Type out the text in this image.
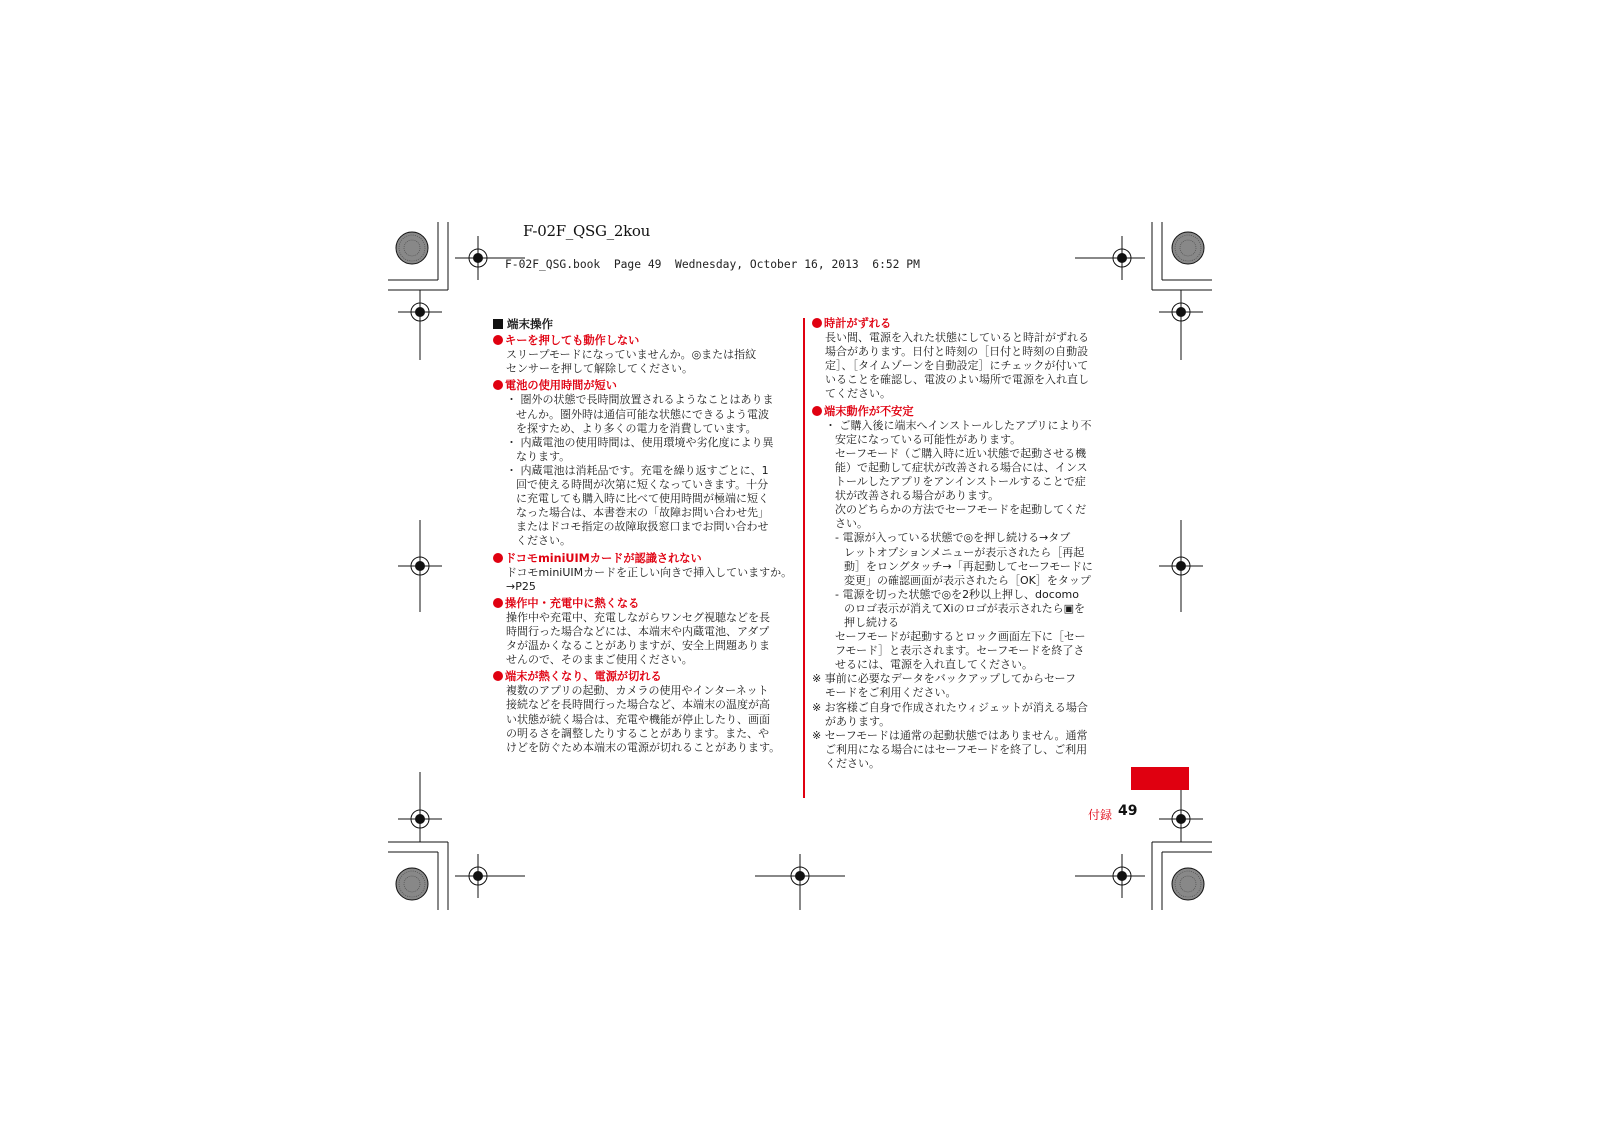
F-02F_QSG_2kou
F-02F_QSG.book  Page 49  Wednesday, October 16, 2013  6:52 PM

端末操作

キーを押しても動作しない

スリープモードになっていませんか。◎または指紋

センサーを押して解除してください。

電池の使用時間が短い

・ 圏外の状態で長時間放置されるようなことはありま

せんか。圏外時は通信可能な状態にできるよう電波

を探すため、より多くの電力を消費しています。

・ 内蔵電池の使用時間は、使用環境や劣化度により異

なります。

・ 内蔵電池は消耗品です。充電を繰り返すごとに、1

回で使える時間が次第に短くなっていきます。十分

に充電しても購入時に比べて使用時間が極端に短く

なった場合は、本書巻末の「故障お問い合わせ先」

またはドコモ指定の故障取扱窓口までお問い合わせ

ください。

ドコモminiUIMカードが認識されない

ドコモminiUIMカードを正しい向きで挿入していますか。→P25

操作中・充電中に熱くなる

操作中や充電中、充電しながらワンセグ視聴などを長

時間行った場合などには、本端末や内蔵電池、アダプ

タが温かくなることがありますが、安全上問題ありま

せんので、そのままご使用ください。

端末が熱くなり、電源が切れる

複数のアプリの起動、カメラの使用やインターネット

接続などを長時間行った場合など、本端末の温度が高

い状態が続く場合は、充電や機能が停止したり、画面

の明るさを調整したりすることがあります。また、や

けどを防ぐため本端末の電源が切れることがあります。

時計がずれる

長い間、電源を入れた状態にしていると時計がずれる

場合があります。日付と時刻の［日付と時刻の自動設

定］、［タイムゾーンを自動設定］にチェックが付いて

いることを確認し、電波のよい場所で電源を入れ直し

てください。

端末動作が不安定

・ ご購入後に端末へインストールしたアプリにより不

安定になっている可能性があります。

セーフモード（ご購入時に近い状態で起動させる機

能）で起動して症状が改善される場合には、インス

トールしたアプリをアンインストールすることで症

状が改善される場合があります。

次のどちらかの方法でセーフモードを起動してくだ

さい。

- 電源が入っている状態で◎を押し続ける→タブ

レットオプションメニューが表示されたら［再起

動］をロングタッチ→「再起動してセーフモードに

変更」の確認画面が表示されたら［OK］をタップ

- 電源を切った状態で◎を2秒以上押し、docomo

のロゴ表示が消えてXiのロゴが表示されたら▣を

押し続ける

セーフモードが起動するとロック画面左下に［セー

フモード］と表示されます。セーフモードを終了さ

せるには、電源を入れ直してください。

※ 事前に必要なデータをバックアップしてからセーフ

モードをご利用ください。

※ お客様ご自身で作成されたウィジェットが消える場合

があります。

※ セーフモードは通常の起動状態ではありません。通常

ご利用になる場合にはセーフモードを終了し、ご利用

ください。

付録 49
